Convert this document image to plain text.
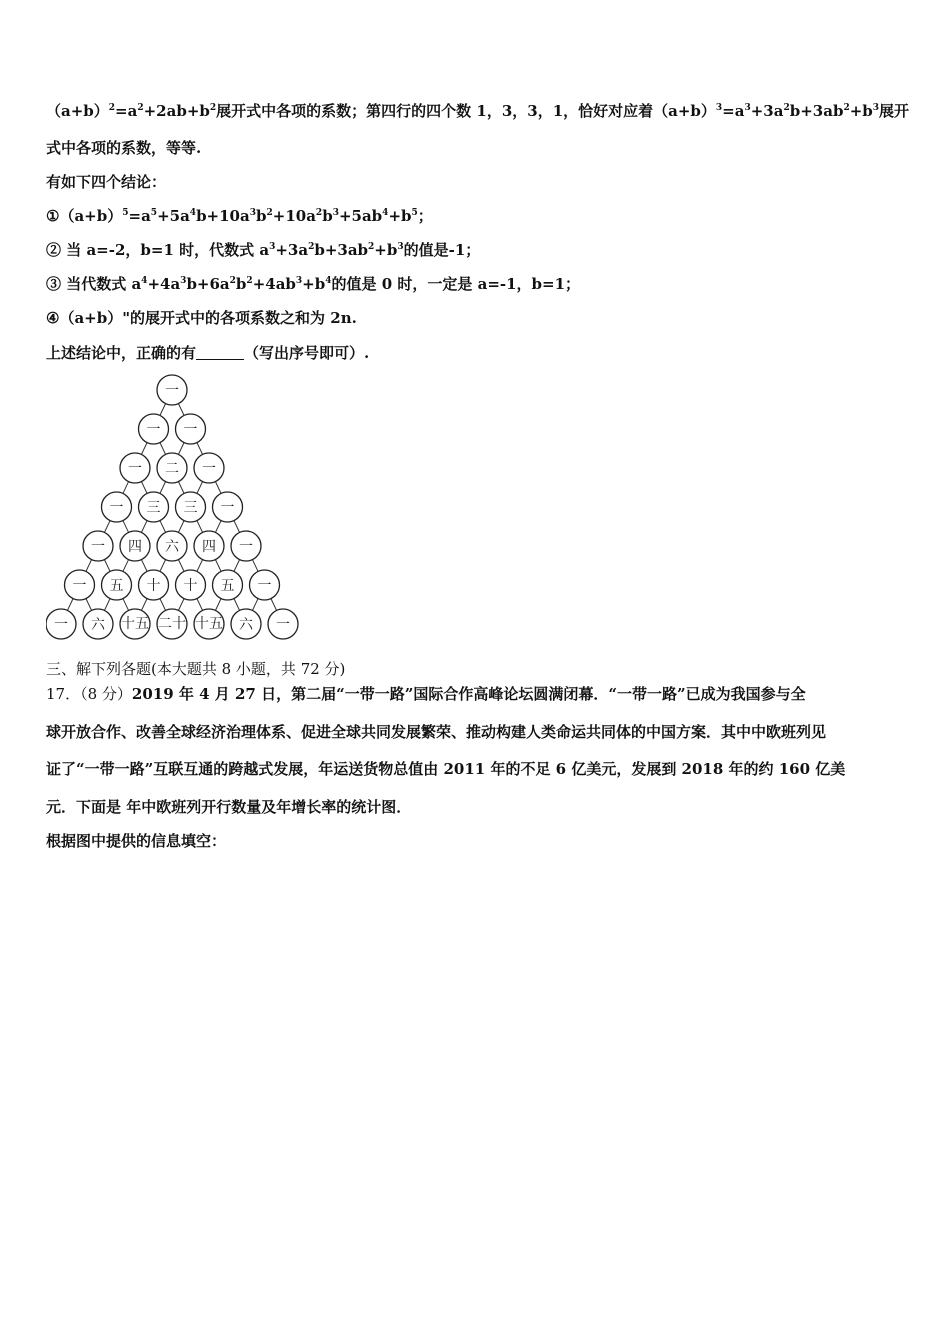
$(a+b)^2=a^2+2ab+b^2$展开式中各项的系数；第四行的四个数 1，3，3，1，恰好对应着$(a+b)^3=a^3+3a^2b+3ab^2+b^3$展开
式中各项的系数，等等.
有如下四个结论：
$①(a+b)^5=a^5+5a^4b+10a^3b^2+10a^2b^3+5ab^4+b^5$；
② 当 a=-2，b=1 时，代数式 $a^3+3a^2b+3ab^2+b^3$的值是-1；
③ 当代数式 $a^4+4a^3b+6a^2b^2+4ab^3+b^4$的值是 0 时，一定是 a=-1，b=1；
④（a+b）"的展开式中的各项系数之和为 2n.
上述结论中，正确的有	（写出序号即可）.
一
一 一
一 二 一
一 三 三 一
一 四 六 四 一
一 五 十 十 五 一
一 六 十五 二十 十五 六 一
三、解下列各题(本大题共 8 小题，共 72 分)
17．（8 分）2019 年 4 月 27 日，第二届“一带一路”国际合作高峰论坛圆满闭幕．“一带一路”已成为我国参与全
球开放合作、改善全球经济治理体系、促进全球共同发展繁荣、推动构建人类命运共同体的中国方案．其中中欧班列见
证了“一带一路”互联互通的跨越式发展，年运送货物总值由 2011 年的不足 6 亿美元，发展到 2018 年的约 160 亿美
元．下面是 年中欧班列开行数量及年增长率的统计图．
根据图中提供的信息填空：
